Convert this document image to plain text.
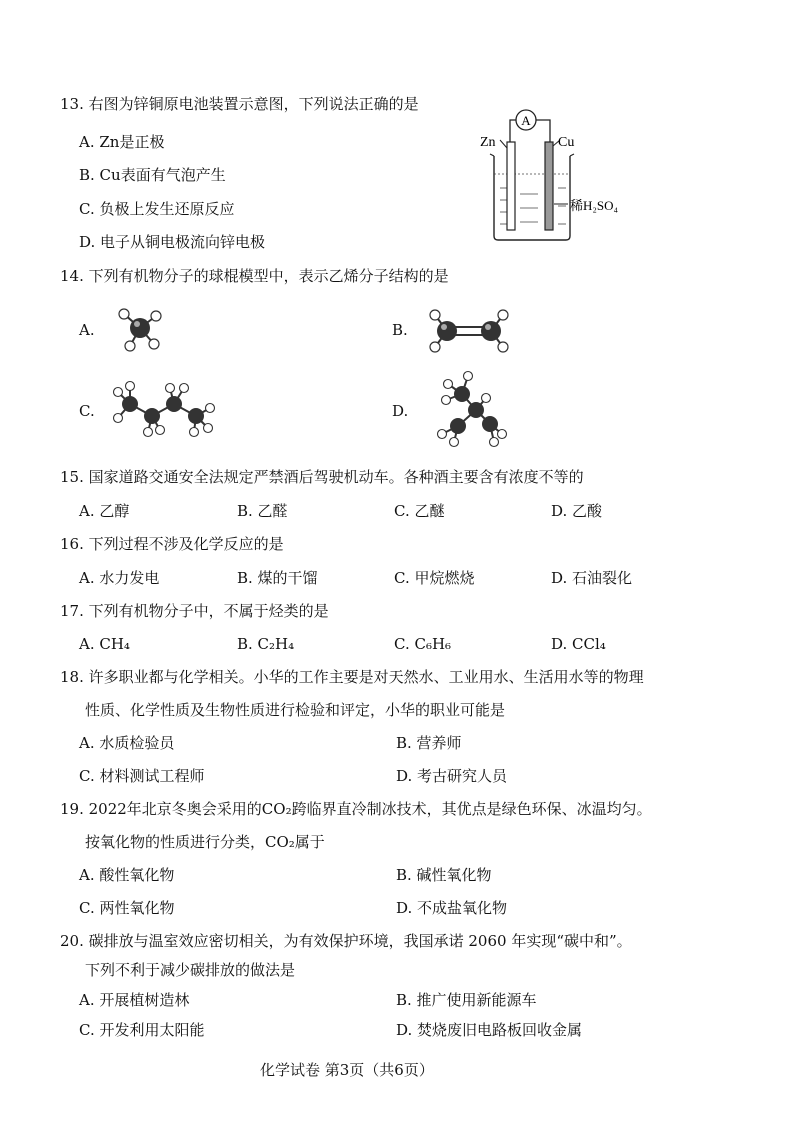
13. 右图为锌铜原电池装置示意图，下列说法正确的是
A. Zn是正极
B. Cu表面有气泡产生
C. 负极上发生还原反应
D. 电子从铜电极流向锌电极
A
Zn	Cu
稀H₂SO₄
14. 下列有机物分子的球棍模型中，表示乙烯分子结构的是
A.	B.
C.	D.
15. 国家道路交通安全法规定严禁酒后驾驶机动车。各种酒主要含有浓度不等的
A. 乙醇	B. 乙醛	C. 乙醚	D. 乙酸
16. 下列过程不涉及化学反应的是
A. 水力发电	B. 煤的干馏	C. 甲烷燃烧	D. 石油裂化
17. 下列有机物分子中，不属于烃类的是
A. CH₄	B. C₂H₄	C. C₆H₆	D. CCl₄
18. 许多职业都与化学相关。小华的工作主要是对天然水、工业用水、生活用水等的物理
性质、化学性质及生物性质进行检验和评定，小华的职业可能是
A. 水质检验员	B. 营养师
C. 材料测试工程师	D. 考古研究人员
19. 2022年北京冬奥会采用的CO₂跨临界直冷制冰技术，其优点是绿色环保、冰温均匀。
按氧化物的性质进行分类，CO₂属于
A. 酸性氧化物	B. 碱性氧化物
C. 两性氧化物	D. 不成盐氧化物
20. 碳排放与温室效应密切相关，为有效保护环境，我国承诺 2060 年实现“碳中和”。
下列不利于减少碳排放的做法是
A. 开展植树造林	B. 推广使用新能源车
C. 开发利用太阳能	D. 焚烧废旧电路板回收金属
化学试卷 第3页（共6页）
